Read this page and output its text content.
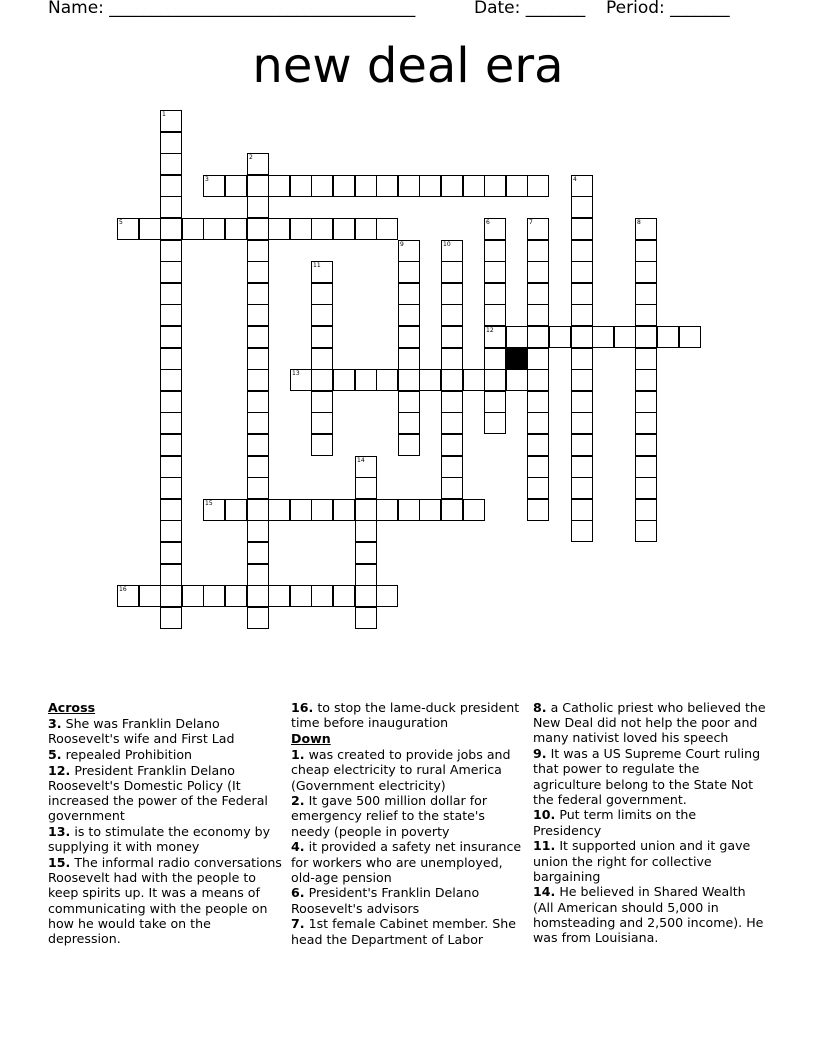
Name: ____________________________________	Date: _______ Period: _______
new deal era
1
2
3	4
5	6
12
7	8
9	10
11
13
14
15
16
Across
3. She was Franklin Delano Roosevelt's wife and First Lad
5. repealed Prohibition
12. President Franklin Delano Roosevelt's Domestic Policy (It increased the power of the Federal government
13. is to stimulate the economy by supplying it with money
15. The informal radio conversations Roosevelt had with the people to keep spirits up. It was a means of communicating with the people on how he would take on the depression.
16. to stop the lame-duck president time before inauguration
Down
1. was created to provide jobs and cheap electricity to rural America (Government electricity)
2. It gave 500 million dollar for emergency relief to the state's needy (people in poverty
4. it provided a safety net insurance for workers who are unemployed, old-age pension
6. President's Franklin Delano Roosevelt's advisors
7. 1st female Cabinet member. She head the Department of Labor
8. a Catholic priest who believed the New Deal did not help the poor and many nativist loved his speech
9. It was a US Supreme Court ruling that power to regulate the agriculture belong to the State Not the federal government.
10. Put term limits on the Presidency
11. It supported union and it gave union the right for collective bargaining
14. He believed in Shared Wealth (All American should 5,000 in homsteading and 2,500 income). He was from Louisiana.
